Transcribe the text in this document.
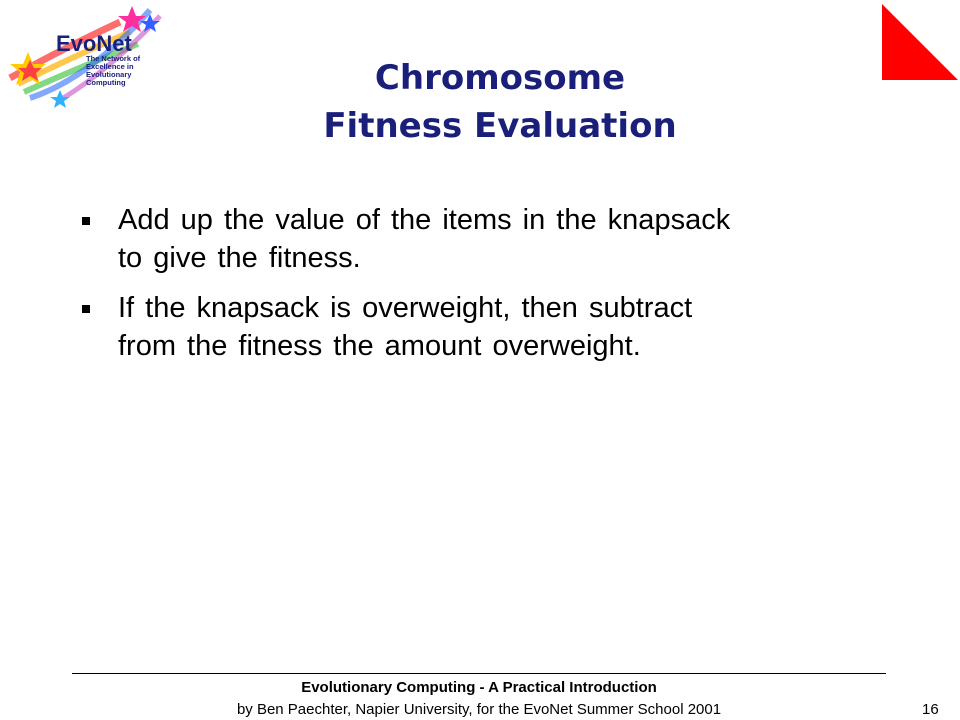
EvoNet
The Network of
Excellence in
Evolutionary
Computing	Chromosome
Fitness Evaluation
Add up the value of the items in the knapsack
to give the fitness.
If the knapsack is overweight, then subtract
from the fitness the amount overweight.
Evolutionary Computing - A Practical Introduction
by Ben Paechter, Napier University, for the EvoNet Summer School 2001	16
